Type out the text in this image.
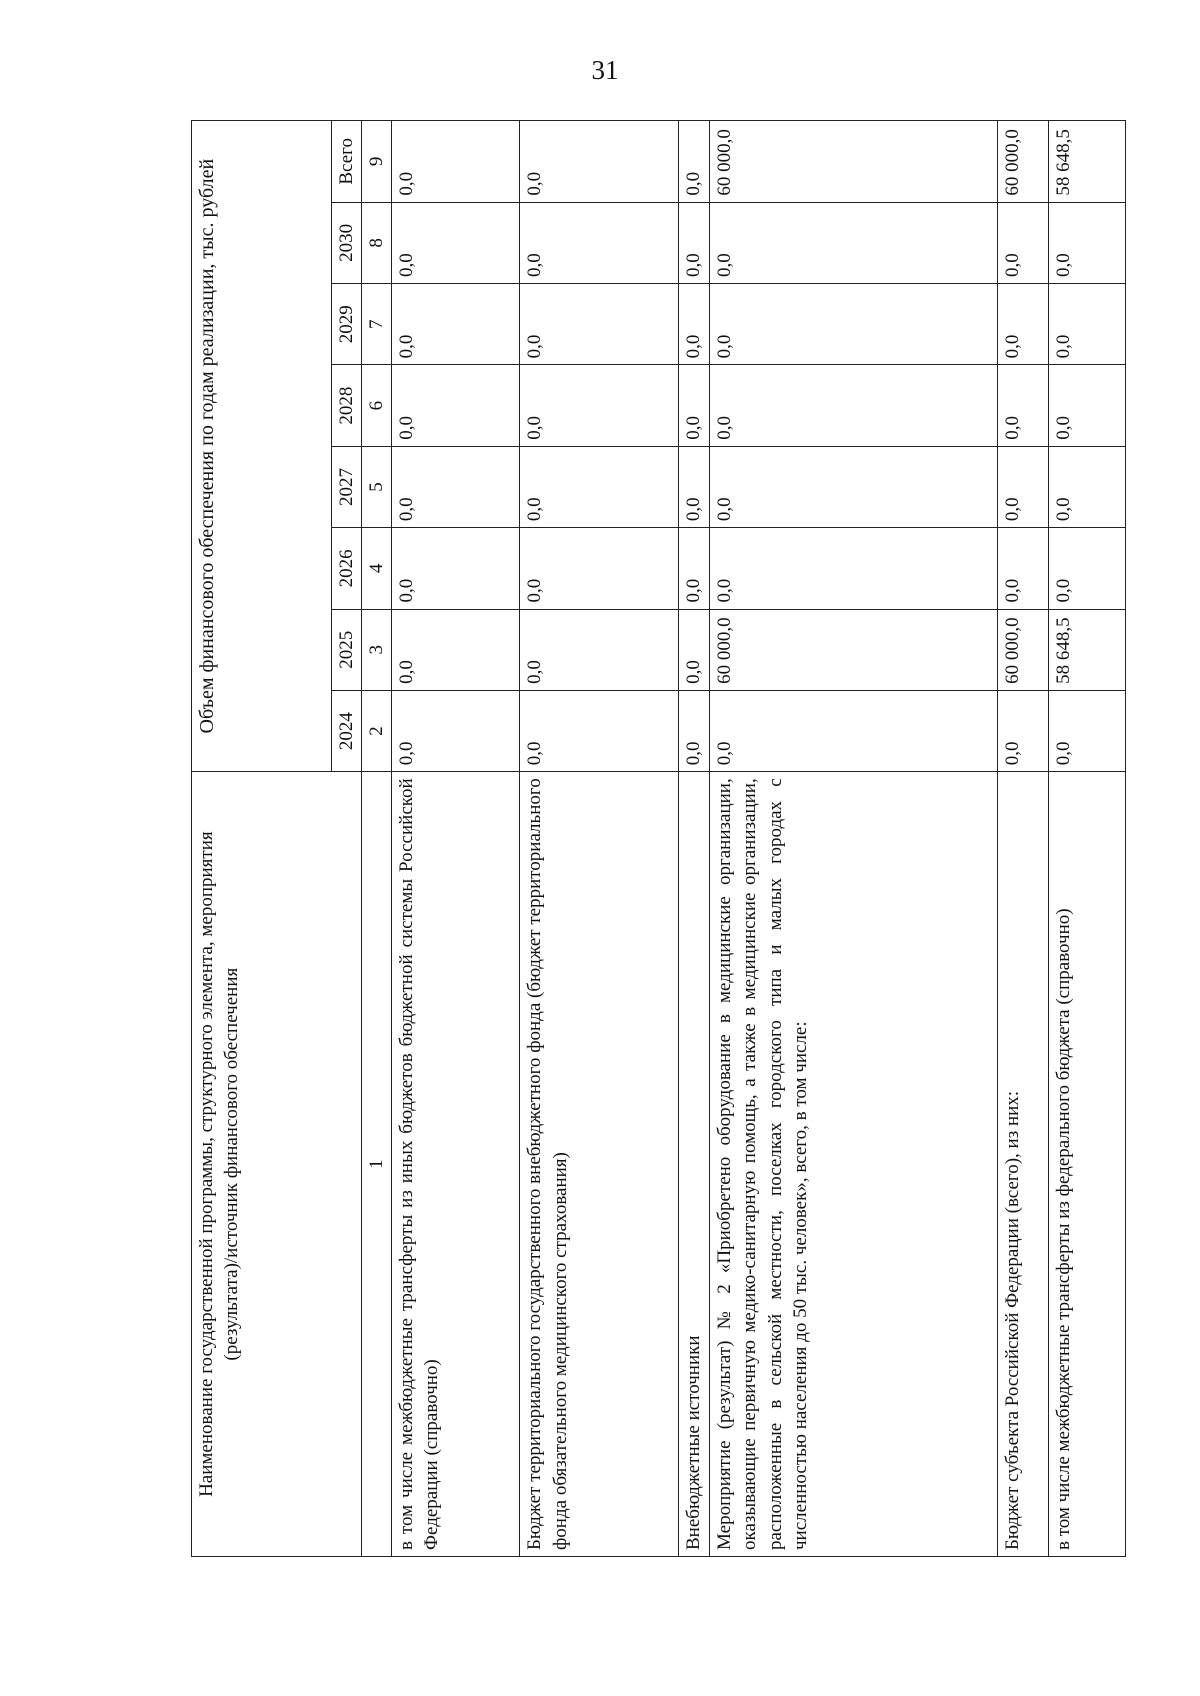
31
Наименование государственной программы, структурного элемента, мероприятия (результата)/источник финансового обеспечения	Объем финансового обеспечения по годам реализации, тыс. рублей							
	2024	2025	2026	2027	2028	2029	2030	Всего
1	2	3	4	5	6	7	8	9
в том числе межбюджетные трансферты из иных бюджетов бюджетной системы Российской Федерации (справочно)	0,0	0,0	0,0	0,0	0,0	0,0	0,0	0,0
Бюджет территориального государственного внебюджетного фонда (бюджет территориального фонда обязательного медицинского страхования)	0,0	0,0	0,0	0,0	0,0	0,0	0,0	0,0
Внебюджетные источники	0,0	0,0	0,0	0,0	0,0	0,0	0,0	0,0
Мероприятие (результат) № 2 «Приобретено оборудование в медицинские организации, оказывающие первичную медико-санитарную помощь, а также в медицинские организации, расположенные в сельской местности, поселках городского типа и малых городах с численностью населения до 50 тыс. человек», всего, в том числе:	0,0	60 000,0	0,0	0,0	0,0	0,0	0,0	60 000,0
Бюджет субъекта Российской Федерации (всего), из них:	0,0	60 000,0	0,0	0,0	0,0	0,0	0,0	60 000,0
в том числе межбюджетные трансферты из федерального бюджета (справочно)	0,0	58 648,5	0,0	0,0	0,0	0,0	0,0	58 648,5
